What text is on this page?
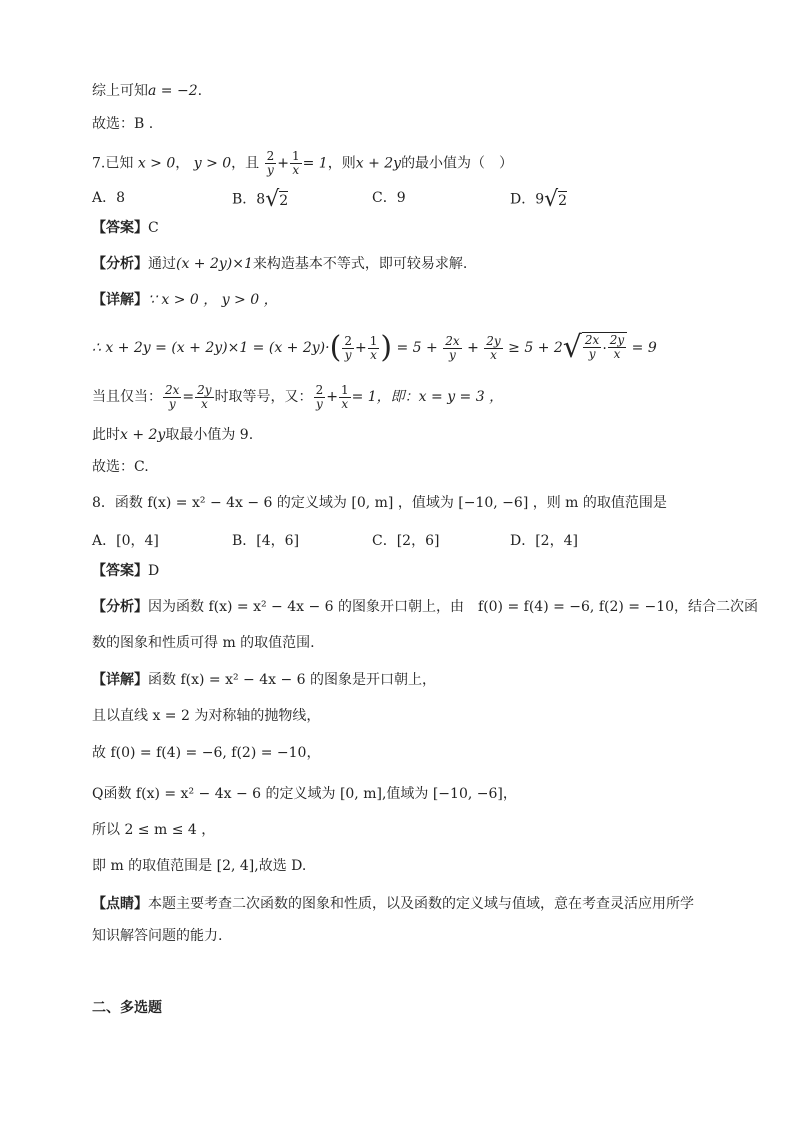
综上可知a = −2.
故选：B .
7.已知 x > 0， y > 0，且 $\frac{2}{y} + \frac{1}{x} = 1$，则x + 2y的最小值为（　）
A．8	B．8√2	C．9	D．9√2
【答案】C
【分析】通过(x + 2y)×1来构造基本不等式，即可较易求解.
【详解】∵ x > 0 ， y > 0 ，
∴ $x + 2y = (x + 2y)\times 1 = (x + 2y)\cdot( \frac{2}{y} + \frac{1}{x}$ ) = $5 + \frac{2x}{y} + \frac{2y}{x} \ge 5 + 2√ \frac{2x}{y} \cdot \frac{2y}{x} = 9$
当且仅当： $\frac{2x}{y} = \frac{2y}{x}$ 时取等号，又： $\frac{2}{y} + \frac{1}{x} = 1$，即：x = y = 3 ，
此时x + 2y取最小值为 9.
故选：C.
8．函数 f(x) = x² − 4x − 6 的定义域为 [0, m] ，值域为 [−10, −6] ，则 m 的取值范围是
A．[0，4]	B．[4，6]	C．[2，6]	D．[2，4]
【答案】D
【分析】因为函数 f(x) = x² − 4x − 6 的图象开口朝上，由　f(0) = f(4) = −6, f(2) = −10，结合二次函
数的图象和性质可得 m 的取值范围.
【详解】函数 f(x) = x² − 4x − 6 的图象是开口朝上，
且以直线 x = 2 为对称轴的抛物线，
故 f(0) = f(4) = −6, f(2) = −10，
Q函数 f(x) = x² − 4x − 6 的定义域为 [0, m],值域为 [−10, −6]，
所以 2 ≤ m ≤ 4 ，
即 m 的取值范围是 [2, 4],故选 D.
【点睛】本题主要考查二次函数的图象和性质，以及函数的定义域与值域，意在考查灵活应用所学
知识解答问题的能力.
二、多选题
